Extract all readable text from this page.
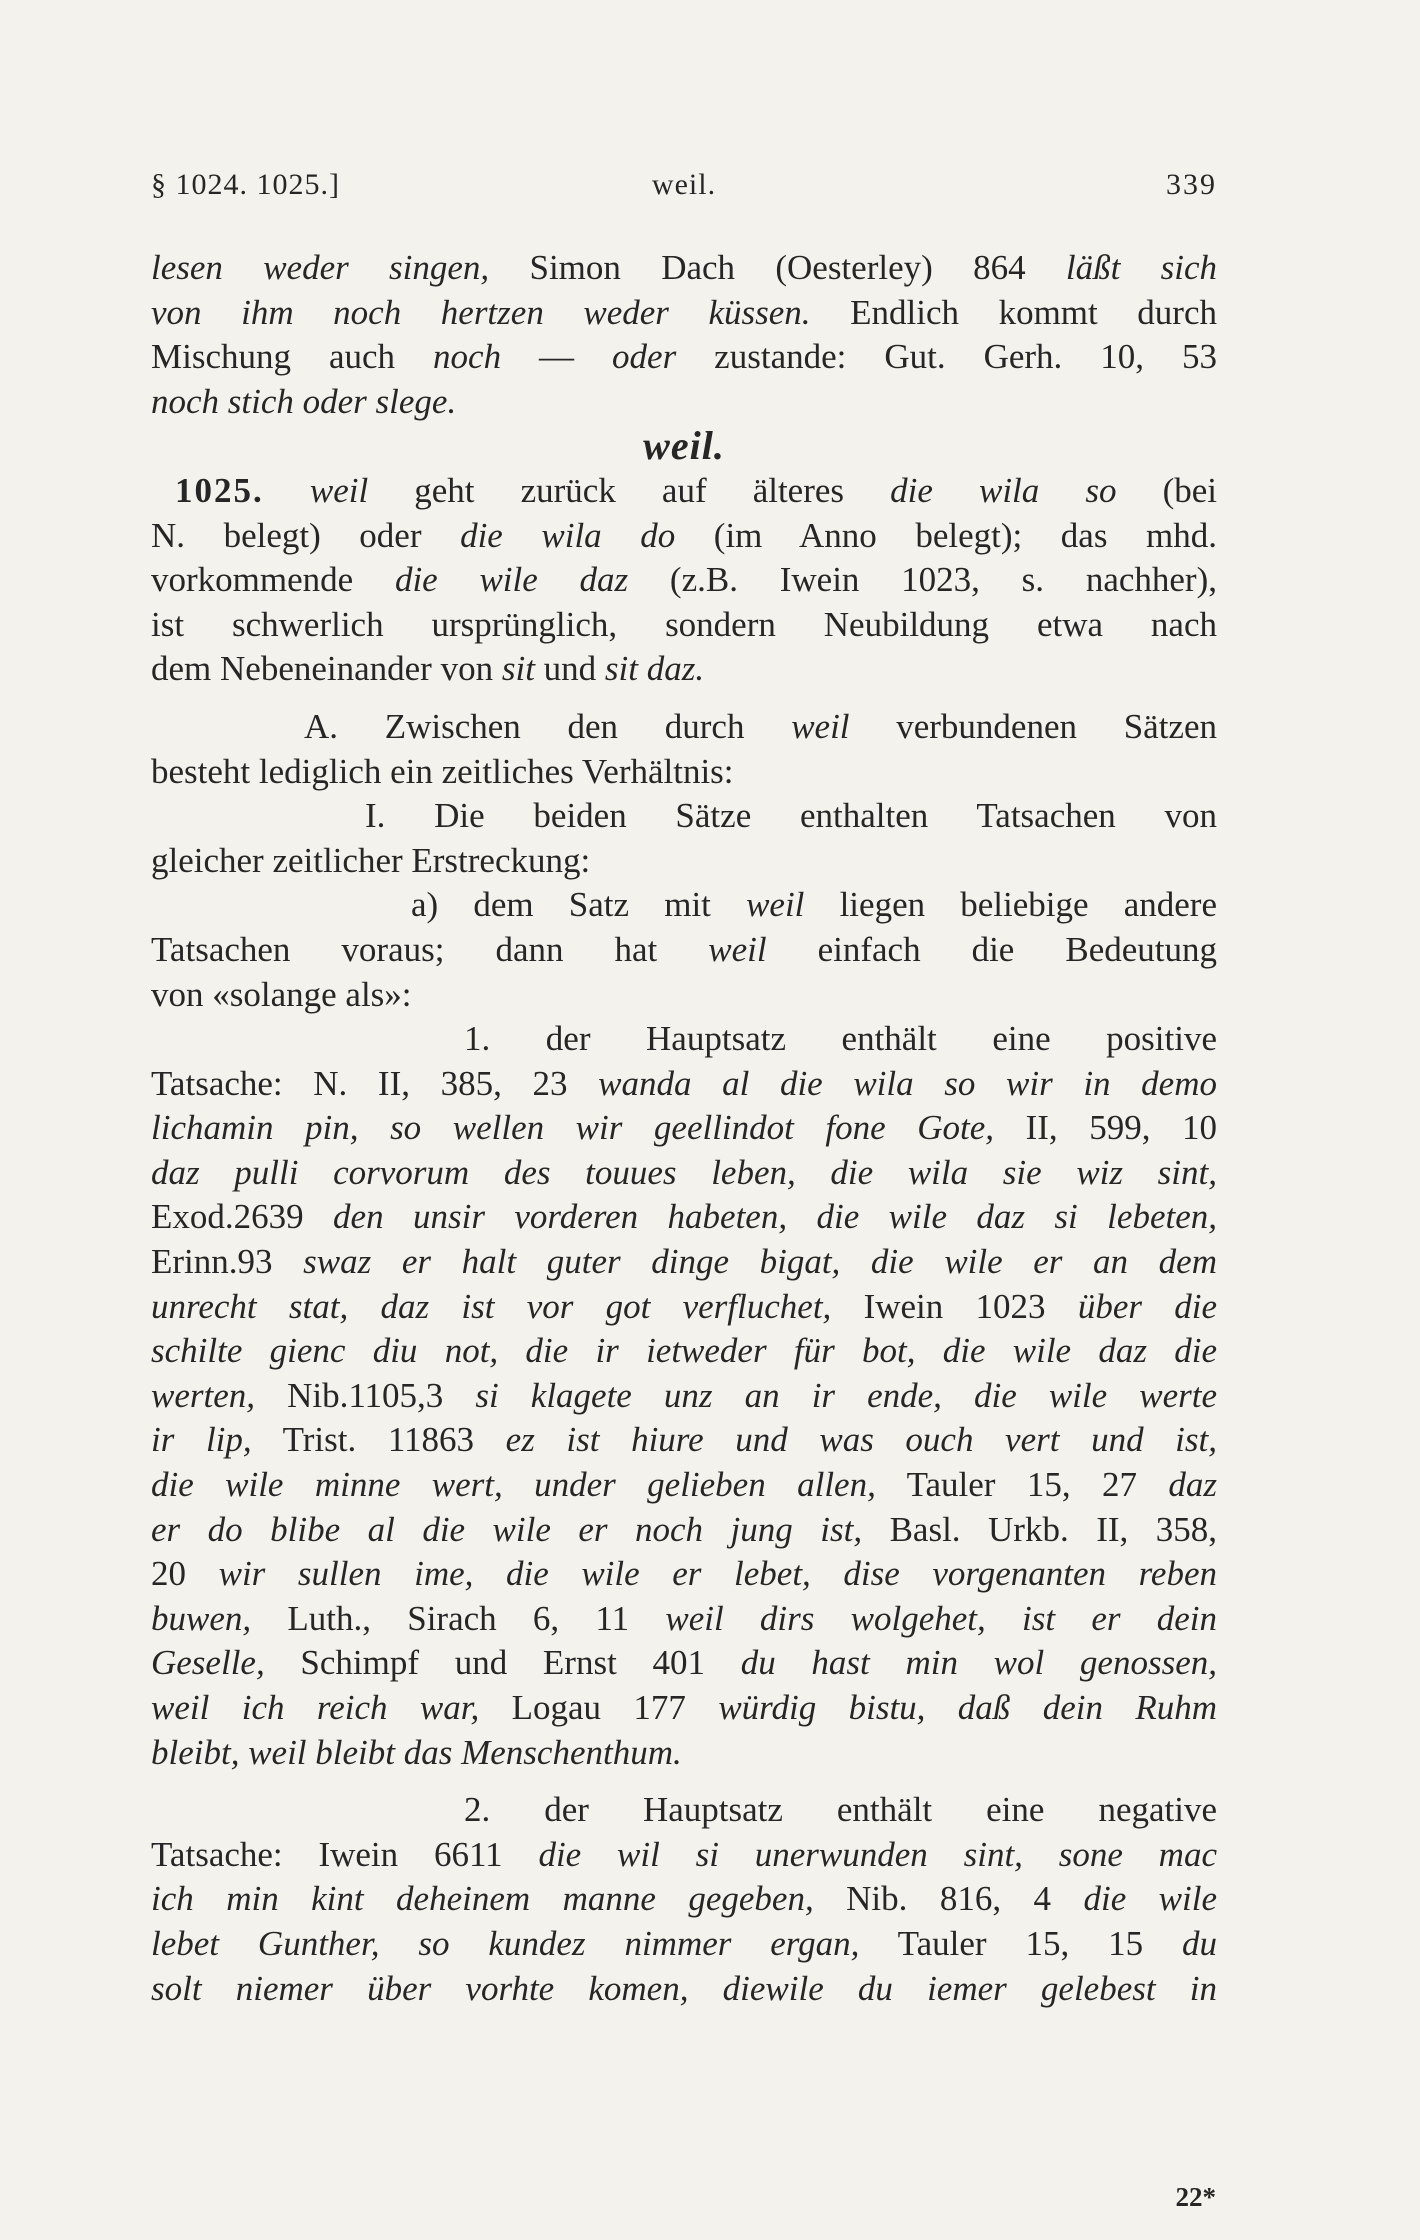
§ 1024. 1025.]	weil.	339
lesen weder singen, Simon Dach (Oesterley) 864 läßt sich
von ihm noch hertzen weder küssen. Endlich kommt durch
Mischung auch noch — oder zustande: Gut. Gerh. 10, 53
noch stich oder slege.
weil.
1025. weil geht zurück auf älteres die wila so (bei
N. belegt) oder die wila do (im Anno belegt); das mhd.
vorkommende die wile daz (z.B. Iwein 1023, s. nachher),
ist schwerlich ursprünglich, sondern Neubildung etwa nach
dem Nebeneinander von sit und sit daz.
A. Zwischen den durch weil verbundenen Sätzen
besteht lediglich ein zeitliches Verhältnis:
I. Die beiden Sätze enthalten Tatsachen von
gleicher zeitlicher Erstreckung:
a) dem Satz mit weil liegen beliebige andere
Tatsachen voraus; dann hat weil einfach die Bedeutung
von «solange als»:
1. der Hauptsatz enthält eine positive
Tatsache: N. II, 385, 23 wanda al die wila so wir in demo
lichamin pin, so wellen wir geellindot fone Gote, II, 599, 10
daz pulli corvorum des touues leben, die wila sie wiz sint,
Exod.2639 den unsir vorderen habeten, die wile daz si lebeten,
Erinn.93 swaz er halt guter dinge bigat, die wile er an dem
unrecht stat, daz ist vor got verfluchet, Iwein 1023 über die
schilte gienc diu not, die ir ietweder für bot, die wile daz die
werten, Nib.1105,3 si klagete unz an ir ende, die wile werte
ir lip, Trist. 11863 ez ist hiure und was ouch vert und ist,
die wile minne wert, under gelieben allen, Tauler 15, 27 daz
er do blibe al die wile er noch jung ist, Basl. Urkb. II, 358,
20 wir sullen ime, die wile er lebet, dise vorgenanten reben
buwen, Luth., Sirach 6, 11 weil dirs wolgehet, ist er dein
Geselle, Schimpf und Ernst 401 du hast min wol genossen,
weil ich reich war, Logau 177 würdig bistu, daß dein Ruhm
bleibt, weil bleibt das Menschenthum.
2. der Hauptsatz enthält eine negative
Tatsache: Iwein 6611 die wil si unerwunden sint, sone mac
ich min kint deheinem manne gegeben, Nib. 816, 4 die wile
lebet Gunther, so kundez nimmer ergan, Tauler 15, 15 du
solt niemer über vorhte komen, diewile du iemer gelebest in
22*
